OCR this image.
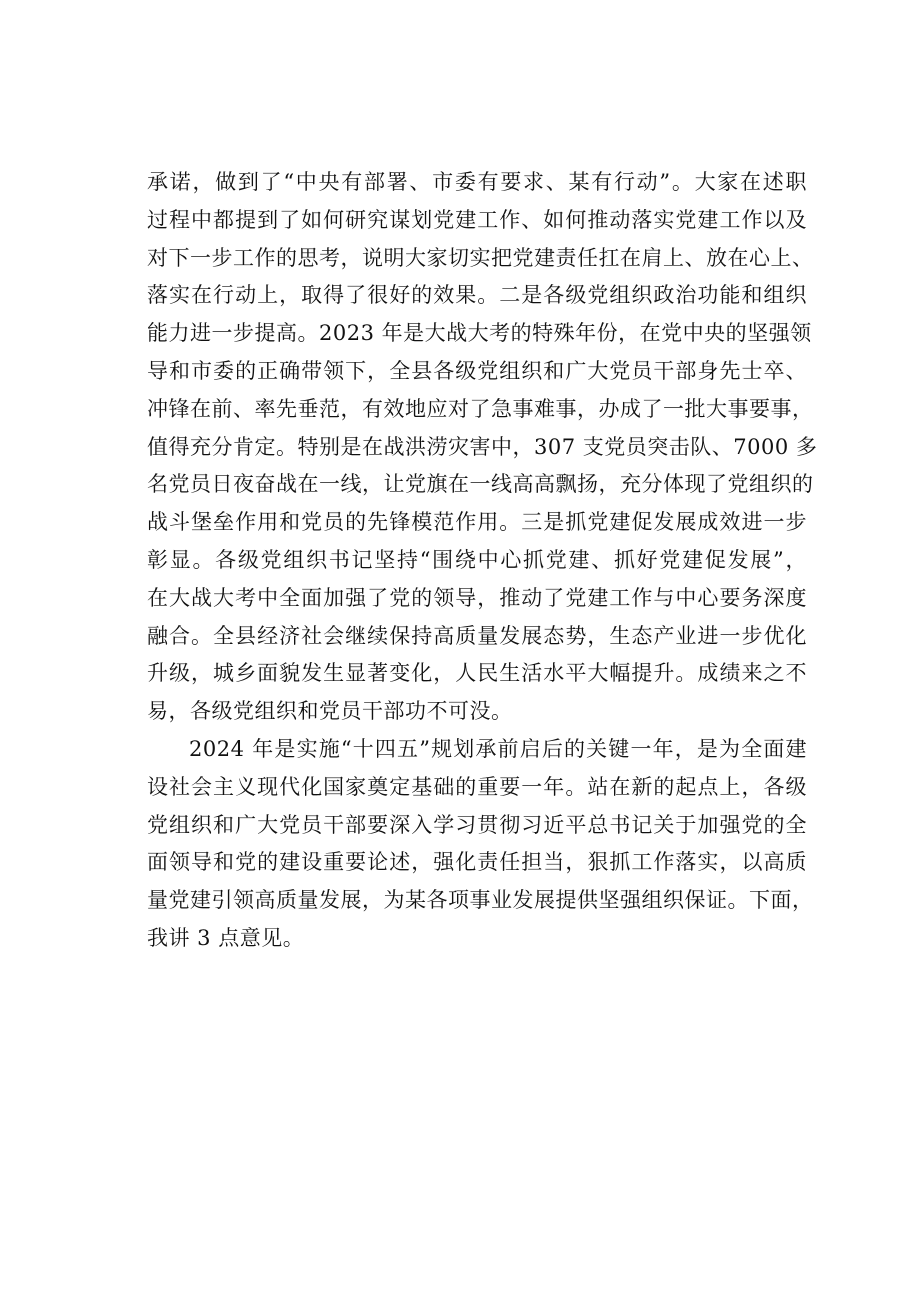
承诺，做到了“中央有部署、市委有要求、某有行动”。大家在述职
过程中都提到了如何研究谋划党建工作、如何推动落实党建工作以及
对下一步工作的思考，说明大家切实把党建责任扛在肩上、放在心上、
落实在行动上，取得了很好的效果。二是各级党组织政治功能和组织
能力进一步提高。2023 年是大战大考的特殊年份，在党中央的坚强领
导和市委的正确带领下，全县各级党组织和广大党员干部身先士卒、
冲锋在前、率先垂范，有效地应对了急事难事，办成了一批大事要事，
值得充分肯定。特别是在战洪涝灾害中，307 支党员突击队、7000 多
名党员日夜奋战在一线，让党旗在一线高高飘扬，充分体现了党组织的
战斗堡垒作用和党员的先锋模范作用。三是抓党建促发展成效进一步
彰显。各级党组织书记坚持“围绕中心抓党建、抓好党建促发展”，
在大战大考中全面加强了党的领导，推动了党建工作与中心要务深度
融合。全县经济社会继续保持高质量发展态势，生态产业进一步优化
升级，城乡面貌发生显著变化，人民生活水平大幅提升。成绩来之不
易，各级党组织和党员干部功不可没。
2024 年是实施“十四五”规划承前启后的关键一年，是为全面建
设社会主义现代化国家奠定基础的重要一年。站在新的起点上，各级
党组织和广大党员干部要深入学习贯彻习近平总书记关于加强党的全
面领导和党的建设重要论述，强化责任担当，狠抓工作落实，以高质
量党建引领高质量发展，为某各项事业发展提供坚强组织保证。下面，
我讲 3 点意见。
